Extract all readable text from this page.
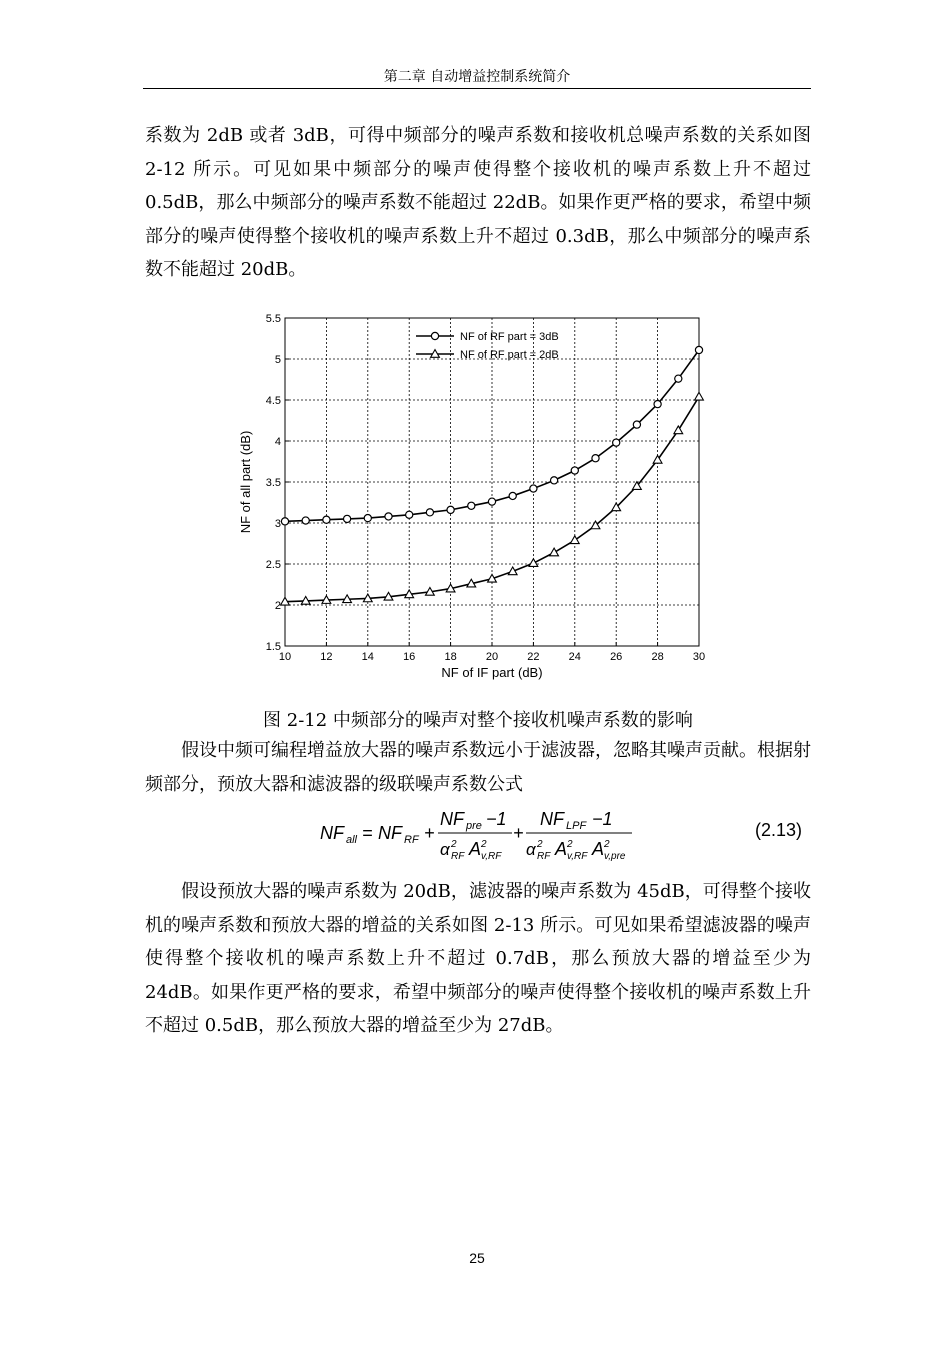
第二章 自动增益控制系统简介

系数为 2dB 或者 3dB，可得中频部分的噪声系数和接收机总噪声系数的关系如图 2-12 所示。可见如果中频部分的噪声使得整个接收机的噪声系数上升不超过 0.5dB，那么中频部分的噪声系数不能超过 22dB。如果作更严格的要求，希望中频部分的噪声使得整个接收机的噪声系数上升不超过 0.3dB，那么中频部分的噪声系数不能超过 20dB。

10	12	14	16	18	20	22	24	26	28	30
1.5
2
2.5
3
3.5
4
4.5
5
5.5
NF of IF part (dB)
NF of all part (dB)
NF of RF part = 3dB
NF of RF part = 2dB
图 2-12 中频部分的噪声对整个接收机噪声系数的影响

假设中频可编程增益放大器的噪声系数远小于滤波器，忽略其噪声贡献。根据射频部分，预放大器和滤波器的级联噪声系数公式

NF all = NF RF +
NF pre −1
α 2
RF A 2
v,RF
+
NF LPF −1
α 2
RF A 2
v,RF A 2
v,pre
(2.13)

假设预放大器的噪声系数为 20dB，滤波器的噪声系数为 45dB，可得整个接收机的噪声系数和预放大器的增益的关系如图 2-13 所示。可见如果希望滤波器的噪声使得整个接收机的噪声系数上升不超过 0.7dB，那么预放大器的增益至少为 24dB。如果作更严格的要求，希望中频部分的噪声使得整个接收机的噪声系数上升不超过 0.5dB，那么预放大器的增益至少为 27dB。

25
